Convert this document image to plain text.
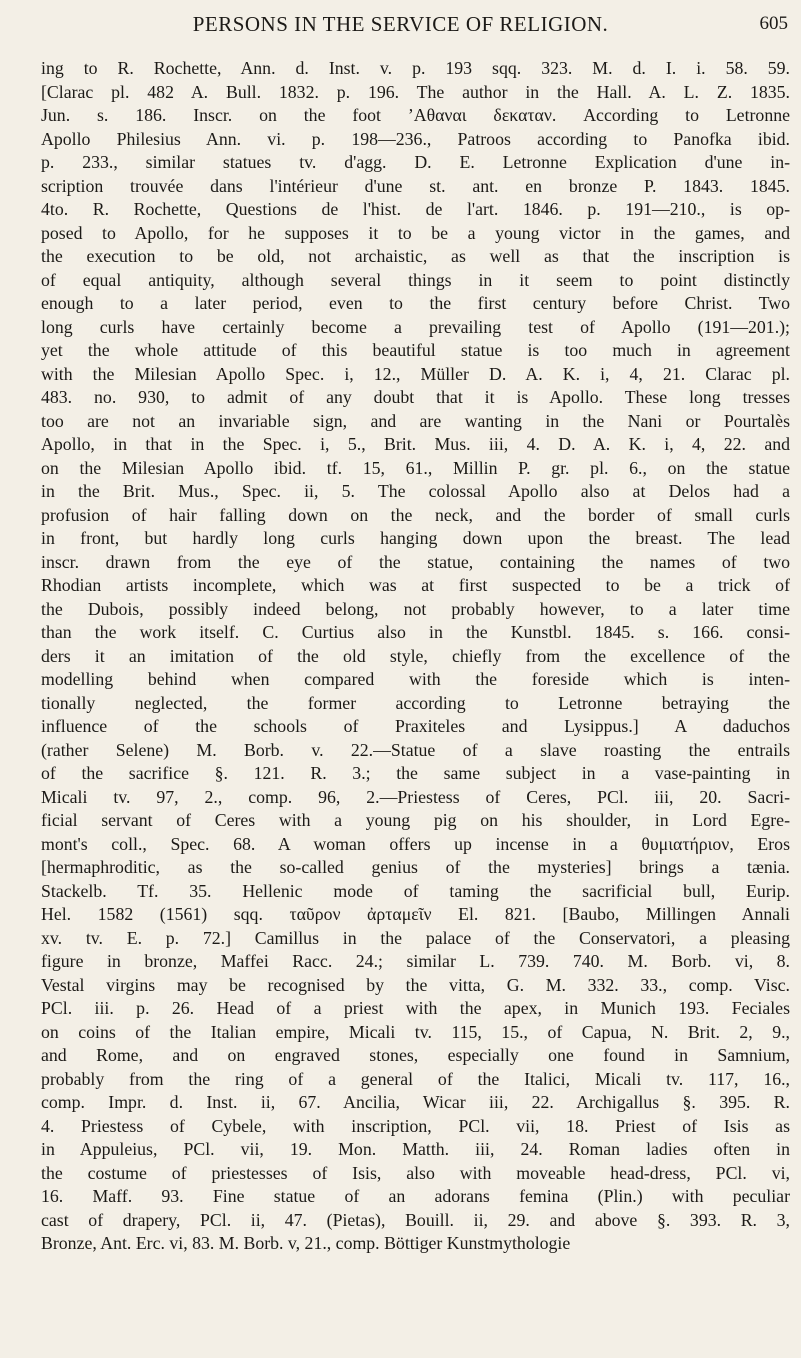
PERSONS IN THE SERVICE OF RELIGION.	605
ing to R. Rochette, Ann. d. Inst. v. p. 193 sqq. 323. M. d. I. i. 58. 59.
[Clarac pl. 482 A. Bull. 1832. p. 196. The author in the Hall. A. L. Z. 1835.
Jun. s. 186. Inscr. on the foot ’Αθαναι δεκαταν. According to Letronne
Apollo Philesius Ann. vi. p. 198—236., Patroos according to Panofka ibid.
p. 233., similar statues tv. d'agg. D. E. Letronne Explication d'une in-
scription trouvée dans l'intérieur d'une st. ant. en bronze P. 1843. 1845.
4to. R. Rochette, Questions de l'hist. de l'art. 1846. p. 191—210., is op-
posed to Apollo, for he supposes it to be a young victor in the games, and
the execution to be old, not archaistic, as well as that the inscription is
of equal antiquity, although several things in it seem to point distinctly
enough to a later period, even to the first century before Christ. Two
long curls have certainly become a prevailing test of Apollo (191—201.);
yet the whole attitude of this beautiful statue is too much in agreement
with the Milesian Apollo Spec. i, 12., Müller D. A. K. i, 4, 21. Clarac pl.
483. no. 930, to admit of any doubt that it is Apollo. These long tresses
too are not an invariable sign, and are wanting in the Nani or Pourtalès
Apollo, in that in the Spec. i, 5., Brit. Mus. iii, 4. D. A. K. i, 4, 22. and
on the Milesian Apollo ibid. tf. 15, 61., Millin P. gr. pl. 6., on the statue
in the Brit. Mus., Spec. ii, 5. The colossal Apollo also at Delos had a
profusion of hair falling down on the neck, and the border of small curls
in front, but hardly long curls hanging down upon the breast. The lead
inscr. drawn from the eye of the statue, containing the names of two
Rhodian artists incomplete, which was at first suspected to be a trick of
the Dubois, possibly indeed belong, not probably however, to a later time
than the work itself. C. Curtius also in the Kunstbl. 1845. s. 166. consi-
ders it an imitation of the old style, chiefly from the excellence of the
modelling behind when compared with the foreside which is inten-
tionally neglected, the former according to Letronne betraying the
influence of the schools of Praxiteles and Lysippus.] A daduchos
(rather Selene) M. Borb. v. 22.—Statue of a slave roasting the entrails
of the sacrifice §. 121. R. 3.; the same subject in a vase-painting in
Micali tv. 97, 2., comp. 96, 2.—Priestess of Ceres, PCl. iii, 20. Sacri-
ficial servant of Ceres with a young pig on his shoulder, in Lord Egre-
mont's coll., Spec. 68. A woman offers up incense in a θυμιατήριον, Eros
[hermaphroditic, as the so-called genius of the mysteries] brings a tænia.
Stackelb. Tf. 35. Hellenic mode of taming the sacrificial bull, Eurip.
Hel. 1582 (1561) sqq. ταῦρον ἀρταμεῖν El. 821. [Baubo, Millingen Annali
xv. tv. E. p. 72.] Camillus in the palace of the Conservatori, a pleasing
figure in bronze, Maffei Racc. 24.; similar L. 739. 740. M. Borb. vi, 8.
Vestal virgins may be recognised by the vitta, G. M. 332. 33., comp. Visc.
PCl. iii. p. 26. Head of a priest with the apex, in Munich 193. Feciales
on coins of the Italian empire, Micali tv. 115, 15., of Capua, N. Brit. 2, 9.,
and Rome, and on engraved stones, especially one found in Samnium,
probably from the ring of a general of the Italici, Micali tv. 117, 16.,
comp. Impr. d. Inst. ii, 67. Ancilia, Wicar iii, 22. Archigallus §. 395. R.
4. Priestess of Cybele, with inscription, PCl. vii, 18. Priest of Isis as
in Appuleius, PCl. vii, 19. Mon. Matth. iii, 24. Roman ladies often in
the costume of priestesses of Isis, also with moveable head-dress, PCl. vi,
16. Maff. 93. Fine statue of an adorans femina (Plin.) with peculiar
cast of drapery, PCl. ii, 47. (Pietas), Bouill. ii, 29. and above §. 393. R. 3,
Bronze, Ant. Erc. vi, 83. M. Borb. v, 21., comp. Böttiger Kunstmythologie
